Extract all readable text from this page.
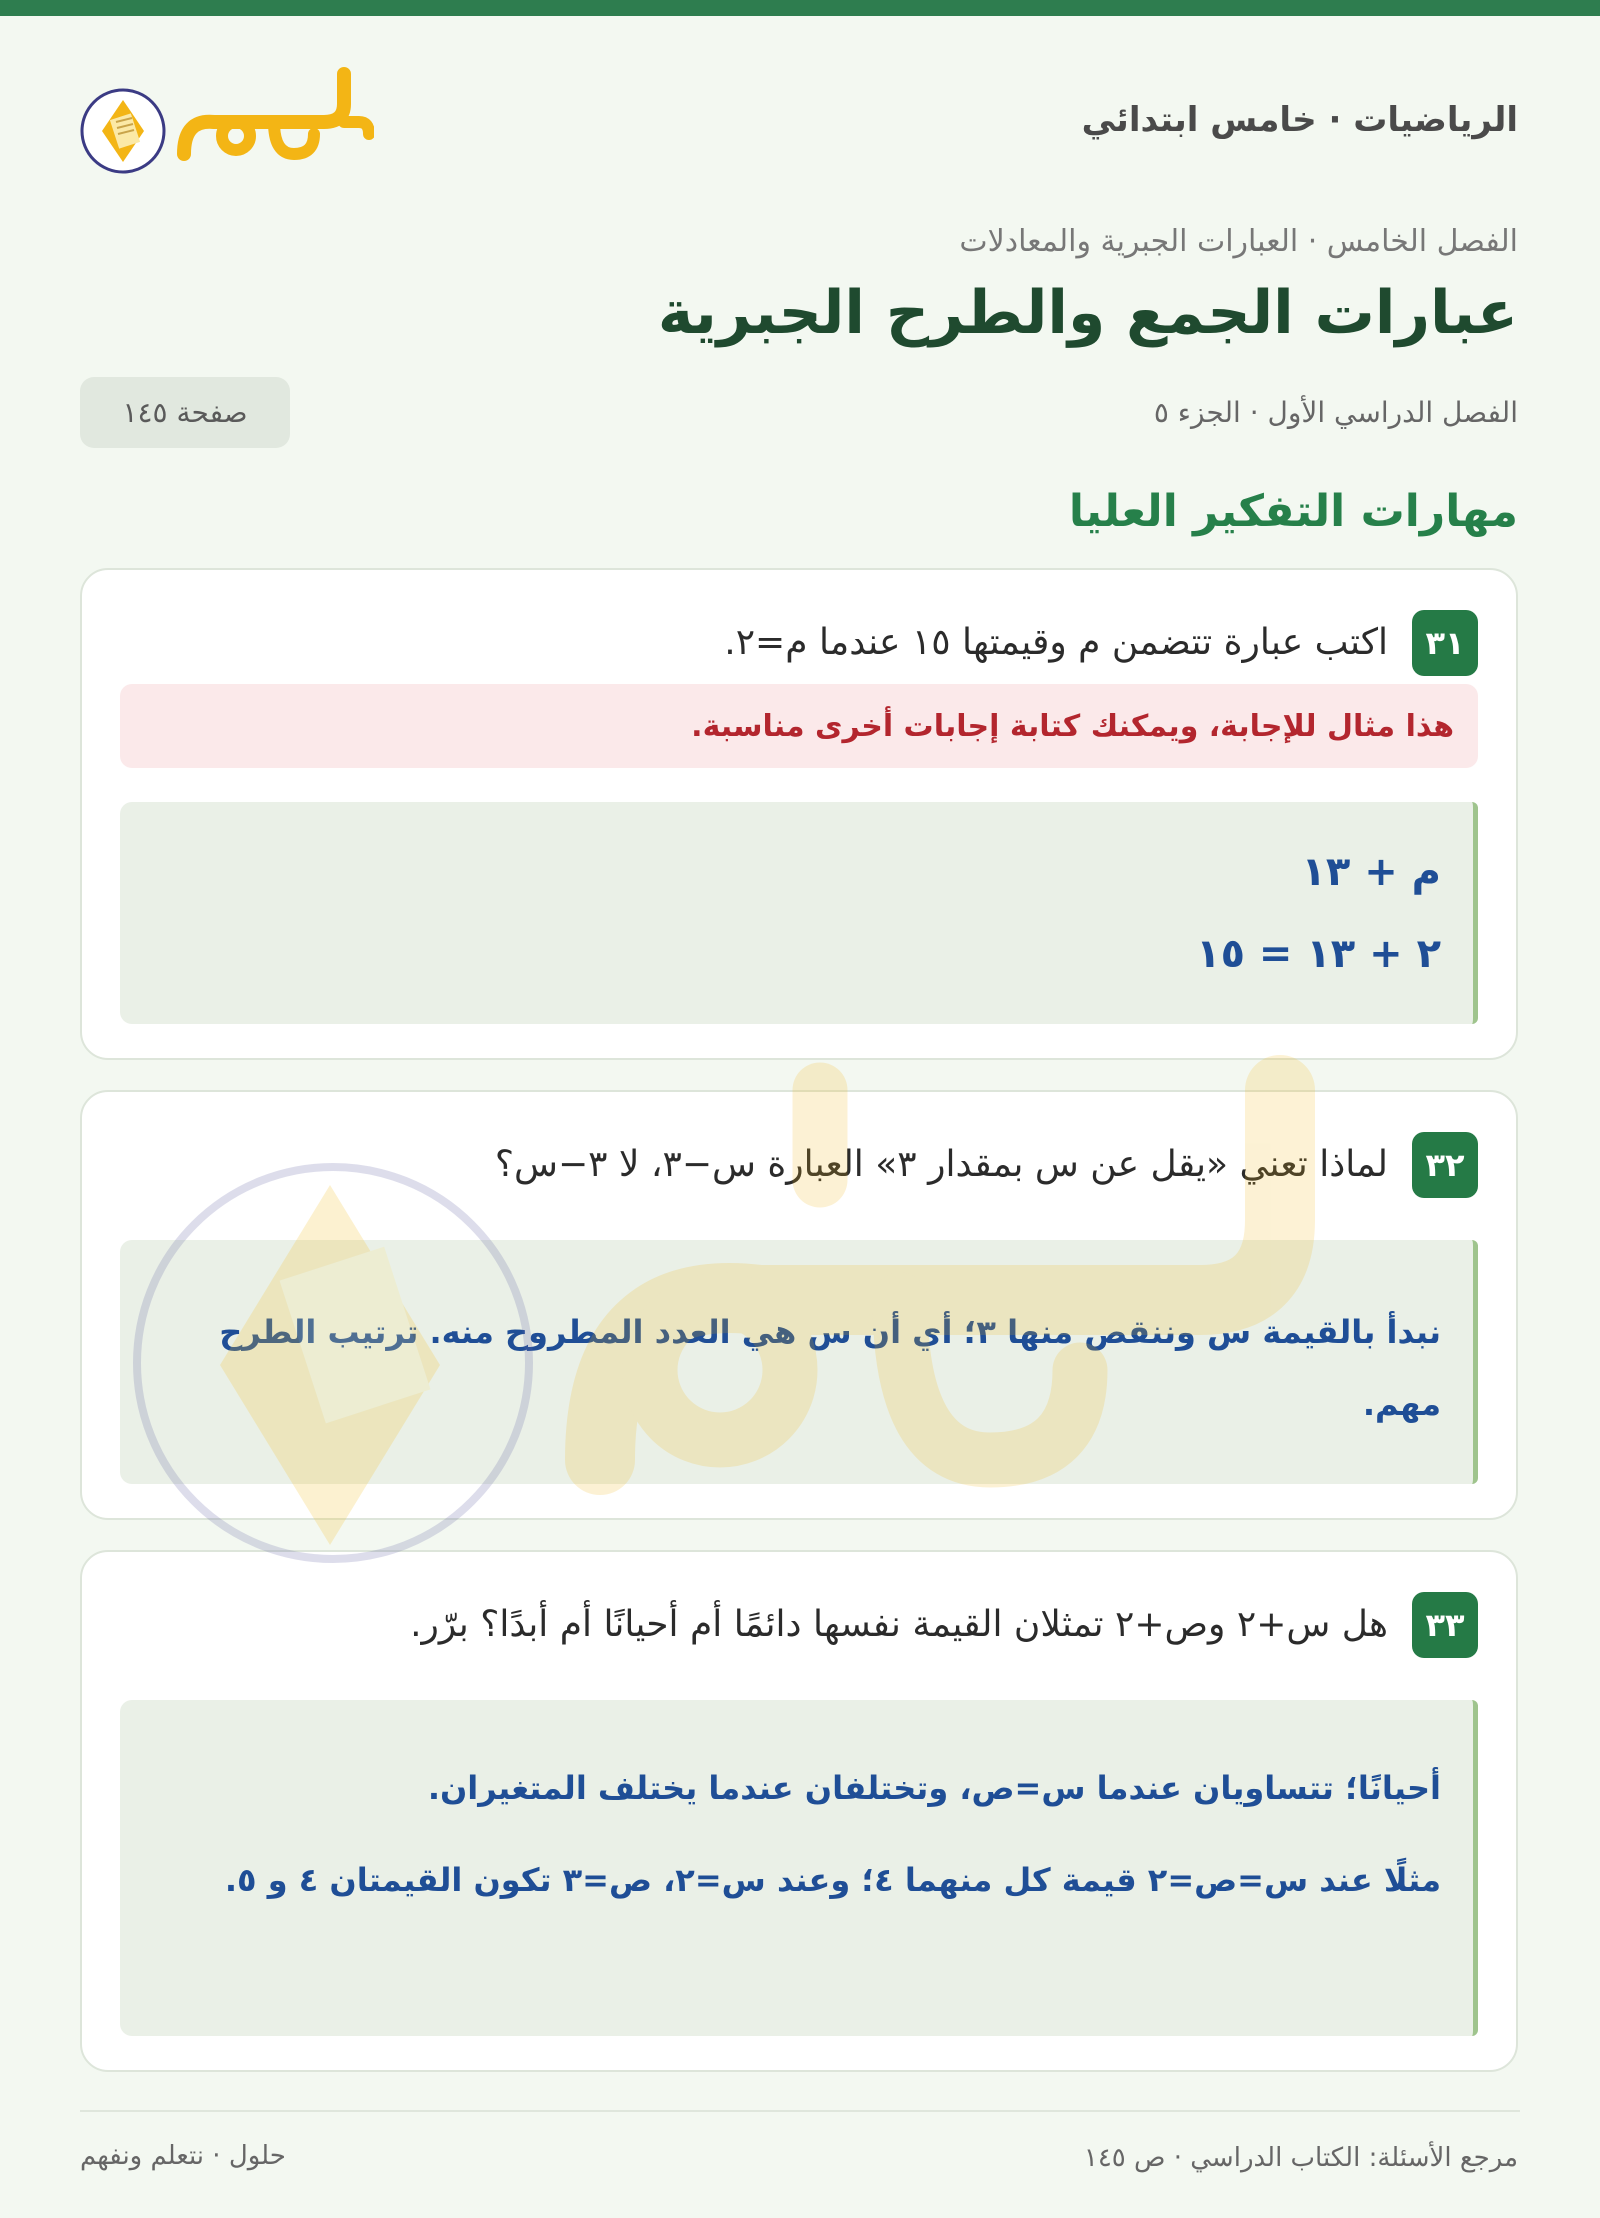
الرياضيات · خامس ابتدائي
الفصل الخامس · العبارات الجبرية والمعادلات
عبارات الجمع والطرح الجبرية
الفصل الدراسي الأول · الجزء ٥
صفحة ١٤٥
مهارات التفكير العليا
٣١
اكتب عبارة تتضمن م وقيمتها ١٥ عندما م=٢.
هذا مثال للإجابة، ويمكنك كتابة إجابات أخرى مناسبة.

م + ١٣

٢ + ١٣ = ١٥

٣٢
لماذا تعني «يقل عن س بمقدار ٣» العبارة س−٣، لا ٣−س؟

نبدأ بالقيمة س وننقص منها ٣؛ أي أن س هي العدد المطروح منه. ترتيب الطرح مهم.

٣٣
هل س+٢ وص+٢ تمثلان القيمة نفسها دائمًا أم أحيانًا أم أبدًا؟ برّر.

أحيانًا؛ تتساويان عندما س=ص، وتختلفان عندما يختلف المتغيران.

مثلًا عند س=ص=٢ قيمة كل منهما ٤؛ وعند س=٢، ص=٣ تكون القيمتان ٤ و ٥.

مرجع الأسئلة: الكتاب الدراسي · ص ١٤٥
حلول · نتعلم ونفهم
